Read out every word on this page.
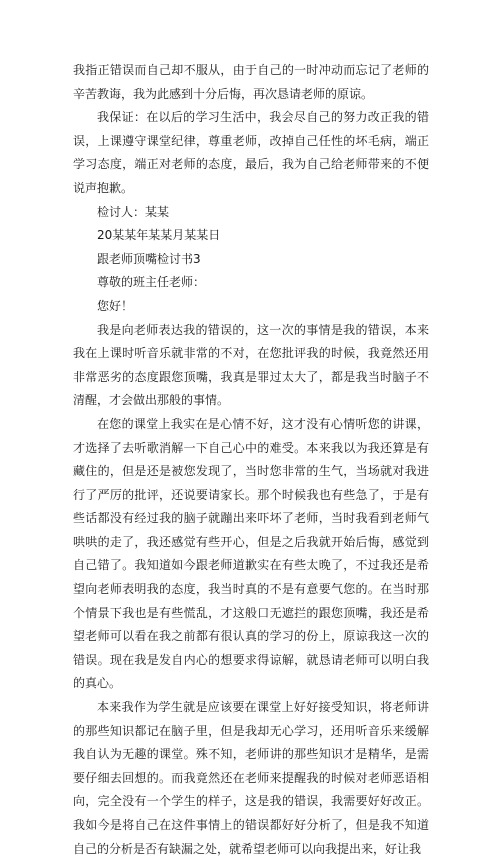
我指正错误而自己却不服从，由于自己的一时冲动而忘记了老师的辛苦教诲，我为此感到十分后悔，再次恳请老师的原谅。

我保证：在以后的学习生活中，我会尽自己的努力改正我的错误，上课遵守课堂纪律，尊重老师，改掉自己任性的坏毛病，端正学习态度，端正对老师的态度，最后，我为自己给老师带来的不便说声抱歉。

检讨人：某某

20某某年某某月某某日

跟老师顶嘴检讨书3

尊敬的班主任老师：

您好！

我是向老师表达我的错误的，这一次的事情是我的错误，本来我在上课时听音乐就非常的不对，在您批评我的时候，我竟然还用非常恶劣的态度跟您顶嘴，我真是罪过太大了，都是我当时脑子不清醒，才会做出那般的事情。

在您的课堂上我实在是心情不好，这才没有心情听您的讲课，才选择了去听歌消解一下自己心中的难受。本来我以为我还算是有藏住的，但是还是被您发现了，当时您非常的生气，当场就对我进行了严厉的批评，还说要请家长。那个时候我也有些急了，于是有些话都没有经过我的脑子就蹦出来吓坏了老师，当时我看到老师气哄哄的走了，我还感觉有些开心，但是之后我就开始后悔，感觉到自己错了。我知道如今跟老师道歉实在有些太晚了，不过我还是希望向老师表明我的态度，我当时真的不是有意要气您的。在当时那个情景下我也是有些慌乱，才这般口无遮拦的跟您顶嘴，我还是希望老师可以看在我之前都有很认真的学习的份上，原谅我这一次的错误。现在我是发自内心的想要求得谅解，就恳请老师可以明白我的真心。

本来我作为学生就是应该要在课堂上好好接受知识，将老师讲的那些知识都记在脑子里，但是我却无心学习，还用听音乐来缓解我自认为无趣的课堂。殊不知，老师讲的那些知识才是精华，是需要仔细去回想的。而我竟然还在老师来提醒我的时候对老师恶语相向，完全没有一个学生的样子，这是我的错误，我需要好好改正。我如今是将自己在这件事情上的错误都好好分析了，但是我不知道自己的分析是否有缺漏之处，就希望老师可以向我提出来，好让我
